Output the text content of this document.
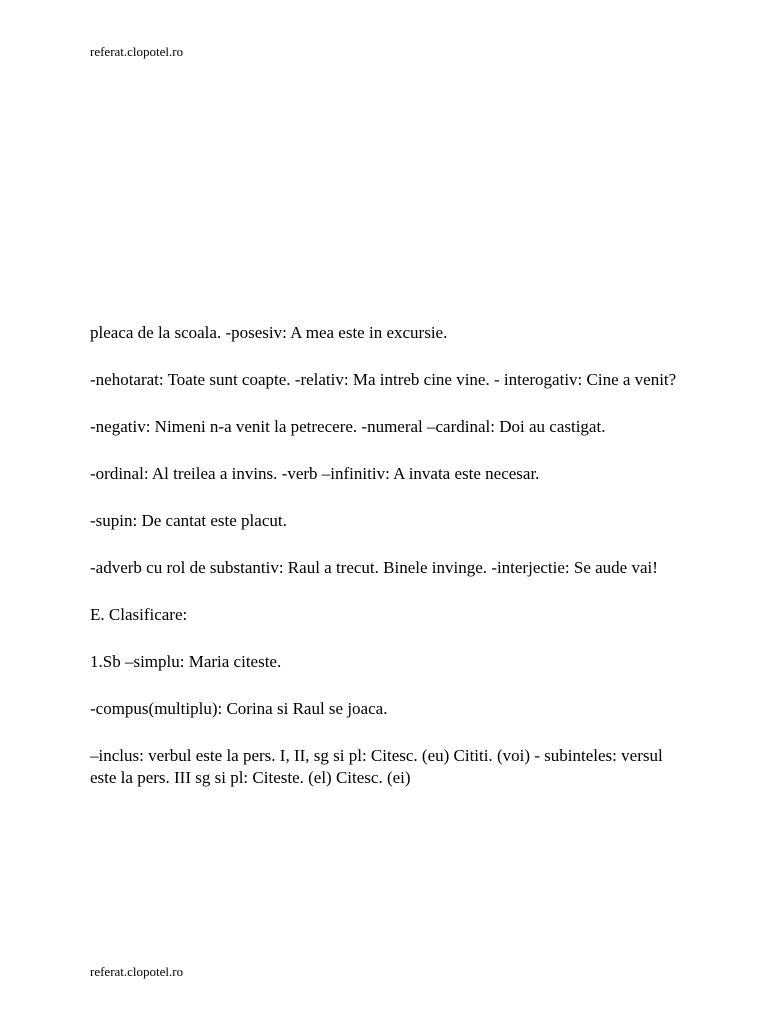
referat.clopotel.ro

pleaca de la scoala. -posesiv: A mea este in excursie.

-nehotarat: Toate sunt coapte. -relativ: Ma intreb cine vine. - interogativ: Cine a venit?

-negativ: Nimeni n-a venit la petrecere. -numeral –cardinal: Doi au castigat.

-ordinal: Al treilea a invins. -verb –infinitiv: A invata este necesar.

-supin: De cantat este placut.

-adverb cu rol de substantiv: Raul a trecut. Binele invinge. -interjectie: Se aude vai!

E. Clasificare:

1.Sb –simplu: Maria citeste.

-compus(multiplu): Corina si Raul se joaca.

–inclus: verbul este la pers. I, II, sg si pl: Citesc. (eu) Cititi. (voi) - subinteles: versul este la pers. III sg si pl: Citeste. (el) Citesc. (ei)

referat.clopotel.ro
